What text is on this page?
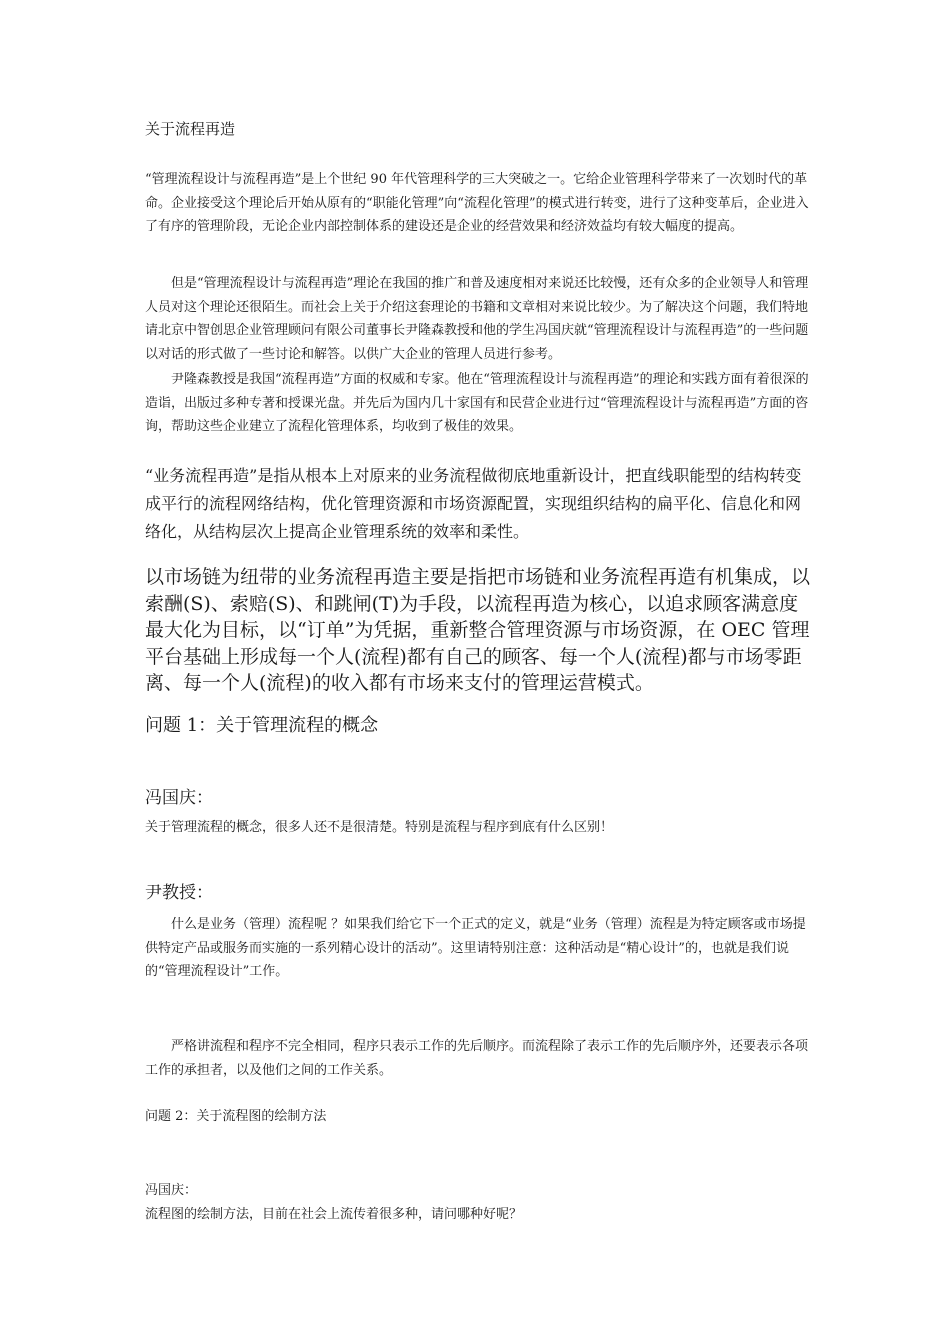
关于流程再造

“管理流程设计与流程再造”是上个世纪 90 年代管理科学的三大突破之一。它给企业管理科学带来了一次划时代的革命。企业接受这个理论后开始从原有的“职能化管理”向“流程化管理”的模式进行转变，进行了这种变革后，企业进入了有序的管理阶段，无论企业内部控制体系的建设还是企业的经营效果和经济效益均有较大幅度的提高。

但是“管理流程设计与流程再造”理论在我国的推广和普及速度相对来说还比较慢，还有众多的企业领导人和管理人员对这个理论还很陌生。而社会上关于介绍这套理论的书籍和文章相对来说比较少。为了解决这个问题，我们特地请北京中智创思企业管理顾问有限公司董事长尹隆森教授和他的学生冯国庆就“管理流程设计与流程再造”的一些问题以对话的形式做了一些讨论和解答。以供广大企业的管理人员进行参考。

尹隆森教授是我国“流程再造”方面的权威和专家。他在“管理流程设计与流程再造”的理论和实践方面有着很深的造诣，出版过多种专著和授课光盘。并先后为国内几十家国有和民营企业进行过“管理流程设计与流程再造”方面的咨询，帮助这些企业建立了流程化管理体系，均收到了极佳的效果。

“业务流程再造”是指从根本上对原来的业务流程做彻底地重新设计，把直线职能型的结构转变成平行的流程网络结构，优化管理资源和市场资源配置，实现组织结构的扁平化、信息化和网络化，从结构层次上提高企业管理系统的效率和柔性。

以市场链为纽带的业务流程再造主要是指把市场链和业务流程再造有机集成，以索酬(S)、索赔(S)、和跳闸(T)为手段，以流程再造为核心，以追求顾客满意度最大化为目标，以“订单”为凭据，重新整合管理资源与市场资源，在 OEC 管理平台基础上形成每一个人(流程)都有自己的顾客、每一个人(流程)都与市场零距离、每一个人(流程)的收入都有市场来支付的管理运营模式。

问题 1：关于管理流程的概念
冯国庆：

关于管理流程的概念，很多人还不是很清楚。特别是流程与程序到底有什么区别！

尹教授：

什么是业务（管理）流程呢 ？如果我们给它下一个正式的定义，就是“业务（管理）流程是为特定顾客或市场提供特定产品或服务而实施的一系列精心设计的活动”。这里请特别注意：这种活动是“精心设计”的，也就是我们说的“管理流程设计”工作。

严格讲流程和程序不完全相同，程序只表示工作的先后顺序。而流程除了表示工作的先后顺序外，还要表示各项工作的承担者，以及他们之间的工作关系。

问题 2：关于流程图的绘制方法
冯国庆：

流程图的绘制方法，目前在社会上流传着很多种，请问哪种好呢？
